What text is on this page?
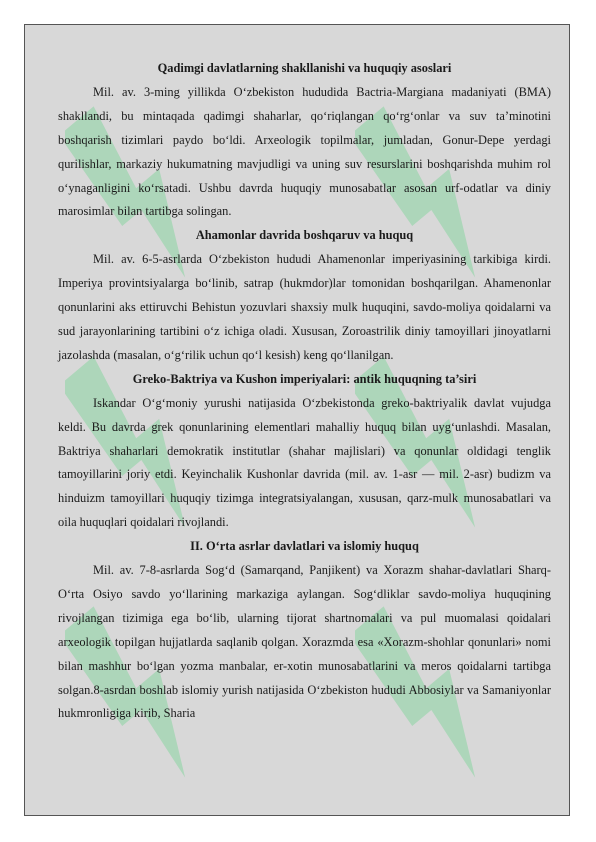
Qadimgi davlatlarning shakllanishi va huquqiy asoslari

Mil. av. 3-ming yillikda O‘zbekiston hududida Bactria-Margiana madaniyati (BMA) shakllandi, bu mintaqada qadimgi shaharlar, qo‘riqlangan qo‘rg‘onlar va suv ta’minotini boshqarish tizimlari paydo bo‘ldi. Arxeologik topilmalar, jumladan, Gonur-Depe yerdagi qurilishlar, markaziy hukumatning mavjudligi va uning suv resurslarini boshqarishda muhim rol o‘ynaganligini ko‘rsatadi. Ushbu davrda huquqiy munosabatlar asosan urf-odatlar va diniy marosimlar bilan tartibga solingan.

Ahamonlar davrida boshqaruv va huquq

Mil. av. 6-5-asrlarda O‘zbekiston hududi Ahamenonlar imperiyasining tarkibiga kirdi. Imperiya provintsiyalarga bo‘linib, satrap (hukmdor)lar tomonidan boshqarilgan. Ahamenonlar qonunlarini aks ettiruvchi Behistun yozuvlari shaxsiy mulk huquqini, savdo-moliya qoidalarni va sud jarayonlarining tartibini o‘z ichiga oladi. Xususan, Zoroastrilik diniy tamoyillari jinoyatlarni jazolashda (masalan, o‘g‘rilik uchun qo‘l kesish) keng qo‘llanilgan.

Greko-Baktriya va Kushon imperiyalari: antik huquqning ta’siri

Iskandar O‘g‘moniy yurushi natijasida O‘zbekistonda greko-baktriyalik davlat vujudga keldi. Bu davrda grek qonunlarining elementlari mahalliy huquq bilan uyg‘unlashdi. Masalan, Baktriya shaharlari demokratik institutlar (shahar majlislari) va qonunlar oldidagi tenglik tamoyillarini joriy etdi. Keyinchalik Kushonlar davrida (mil. av. 1-asr — mil. 2-asr) budizm va hinduizm tamoyillari huquqiy tizimga integratsiyalangan, xususan, qarz-mulk munosabatlari va oila huquqlari qoidalari rivojlandi.

II. O‘rta asrlar davlatlari va islomiy huquq

Mil. av. 7-8-asrlarda Sog‘d (Samarqand, Panjikent) va Xorazm shahar-davlatlari Sharq-O‘rta Osiyo savdo yo‘llarining markaziga aylangan. Sog‘dliklar savdo-moliya huquqining rivojlangan tizimiga ega bo‘lib, ularning tijorat shartnomalari va pul muomalasi qoidalari arxeologik topilgan hujjatlarda saqlanib qolgan. Xorazmda esa «Xorazm-shohlar qonunlari» nomi bilan mashhur bo‘lgan yozma manbalar, er-xotin munosabatlarini va meros qoidalarni tartibga solgan.8-asrdan boshlab islomiy yurish natijasida O‘zbekiston hududi Abbosiylar va Samaniyonlar hukmronligiga kirib, Sharia
